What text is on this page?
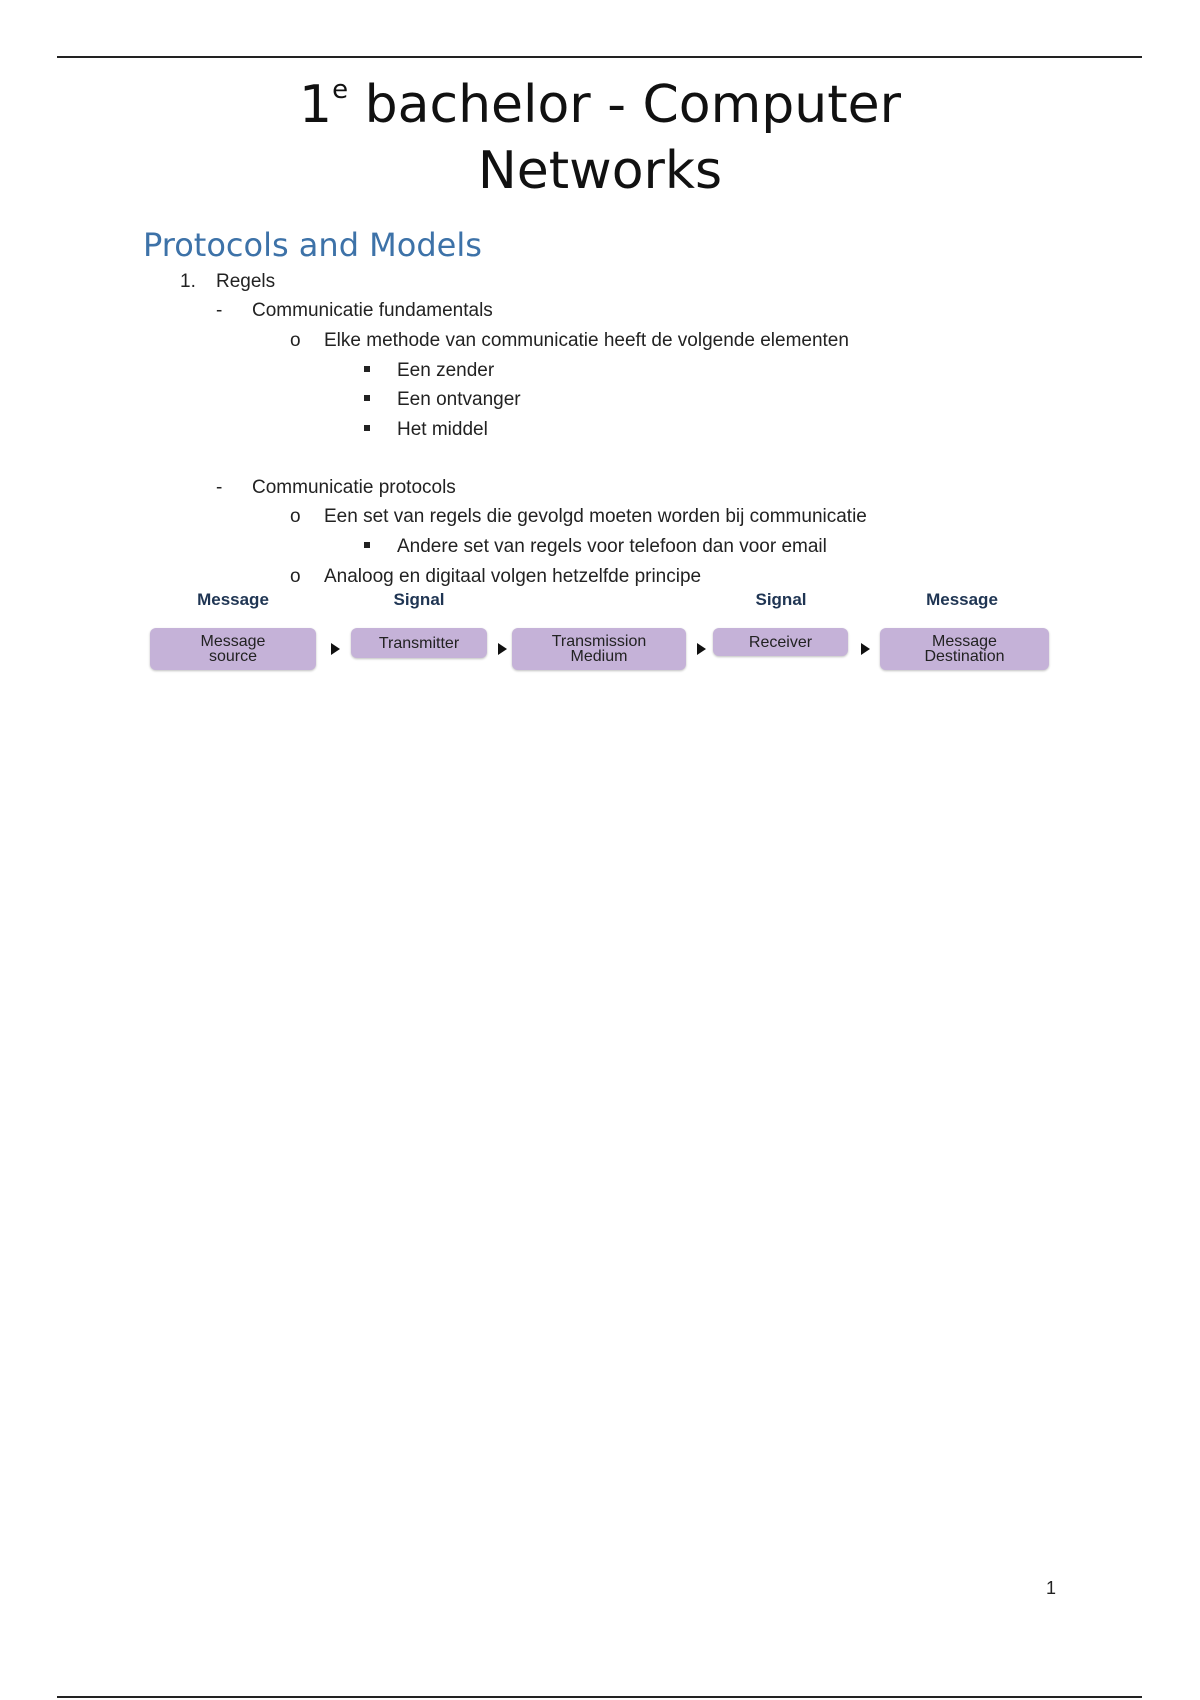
1e bachelor - Computer
Networks
Protocols and Models
1. Regels
- Communicatie fundamentals
o Elke methode van communicatie heeft de volgende elementen
Een zender
Een ontvanger
Het middel
- Communicatie protocols
o Een set van regels die gevolgd moeten worden bij communicatie
Andere set van regels voor telefoon dan voor email
o Analoog en digitaal volgen hetzelfde principe
Message	Signal	Signal	Message
Message
source
Transmitter	Transmission
Medium
Receiver	Message
Destination
1
